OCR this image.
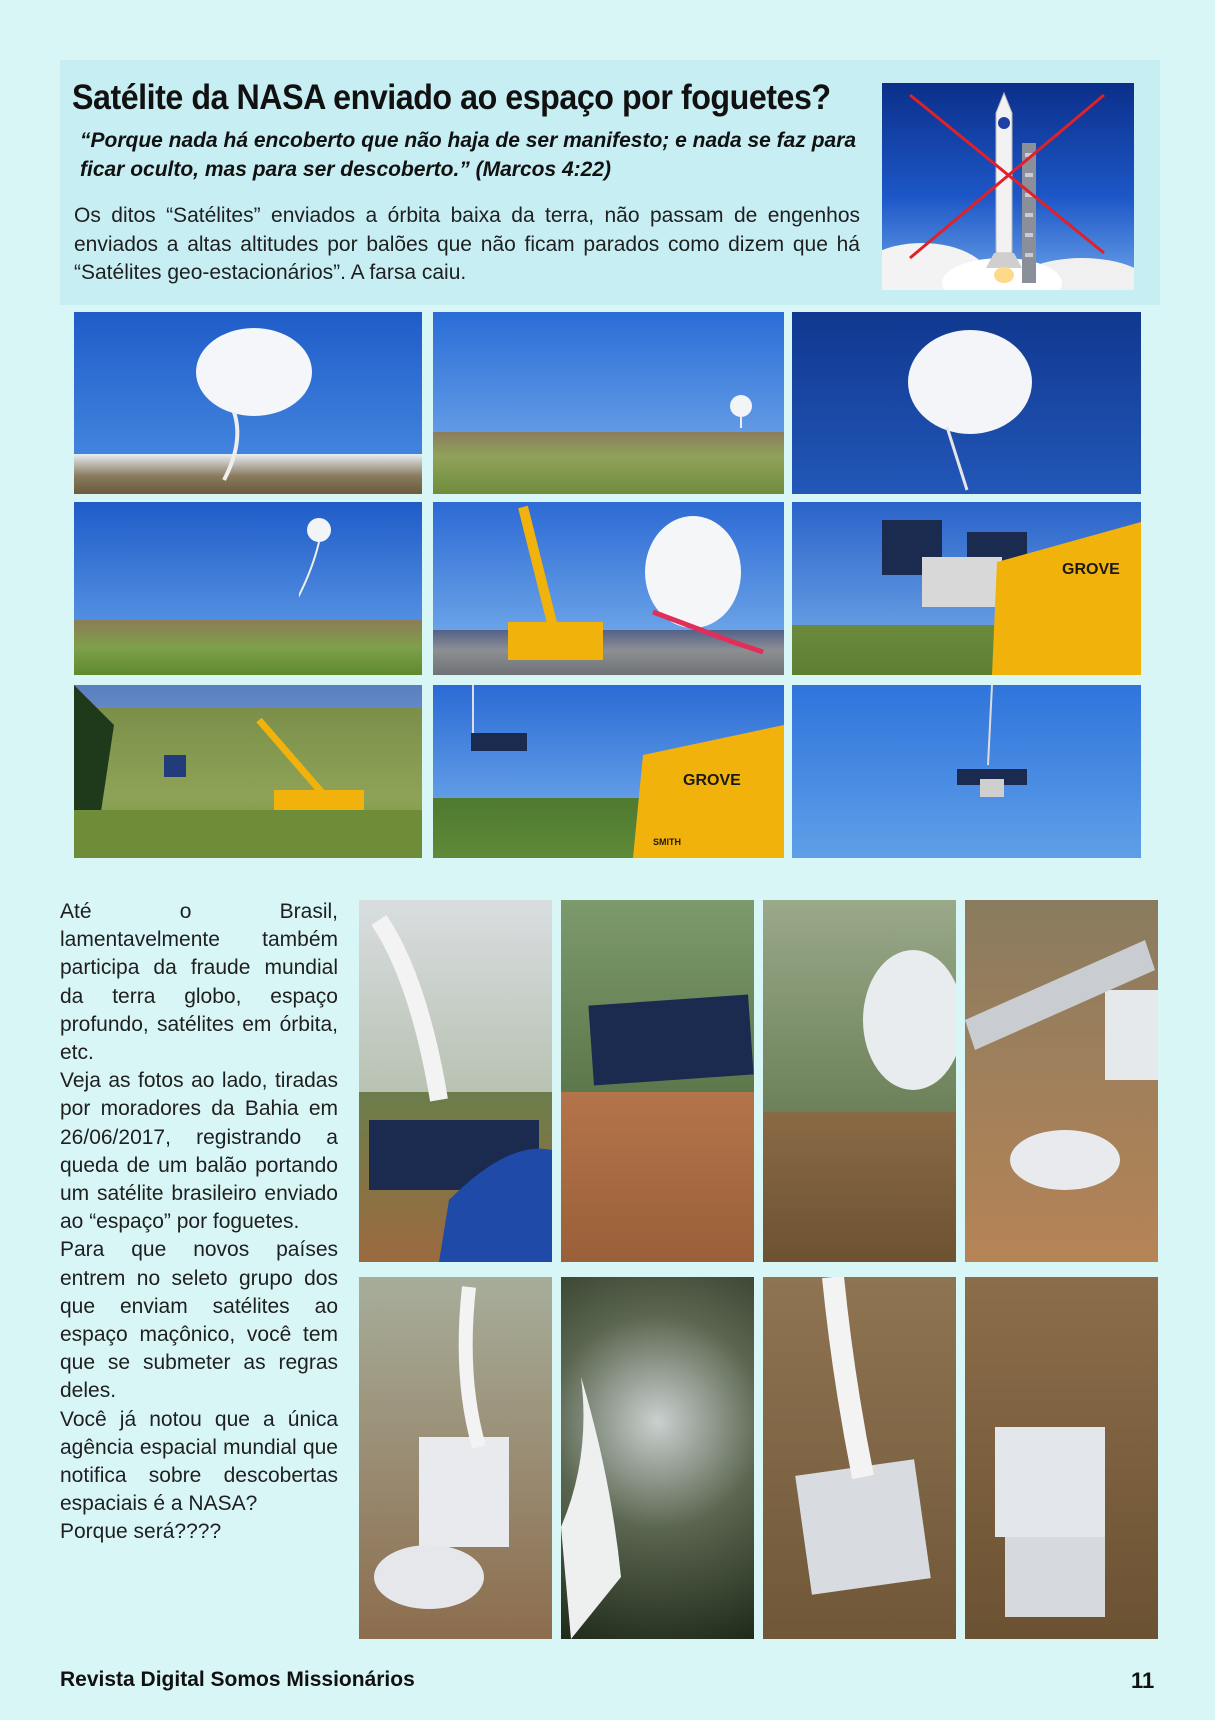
Satélite da NASA enviado ao espaço por foguetes?
“Porque nada há encoberto que não haja de ser manifesto; e nada se faz para ficar oculto, mas para ser descoberto.” (Marcos 4:22)
Os ditos “Satélites” enviados a órbita baixa da terra, não passam de engenhos enviados a altas altitudes por balões que não ficam parados como dizem que há “Satélites geo-estacionários”. A farsa caiu.
GROVE
GROVE
SMITH

Até o Brasil, lamentavelmente também participa da fraude mundial da terra globo, espaço profundo, satélites em órbita, etc.

Veja as fotos ao lado, tiradas por moradores da Bahia em 26/06/2017, registrando a queda de um balão portando um satélite brasileiro enviado ao “espaço” por foguetes.

Para que novos países entrem no seleto grupo dos que enviam satélites ao espaço maçônico, você tem que se submeter as regras deles.

Você já notou que a única agência espacial mundial que notifica sobre descobertas espaciais é a NASA?

Porque será????

Revista Digital Somos Missionários	11
